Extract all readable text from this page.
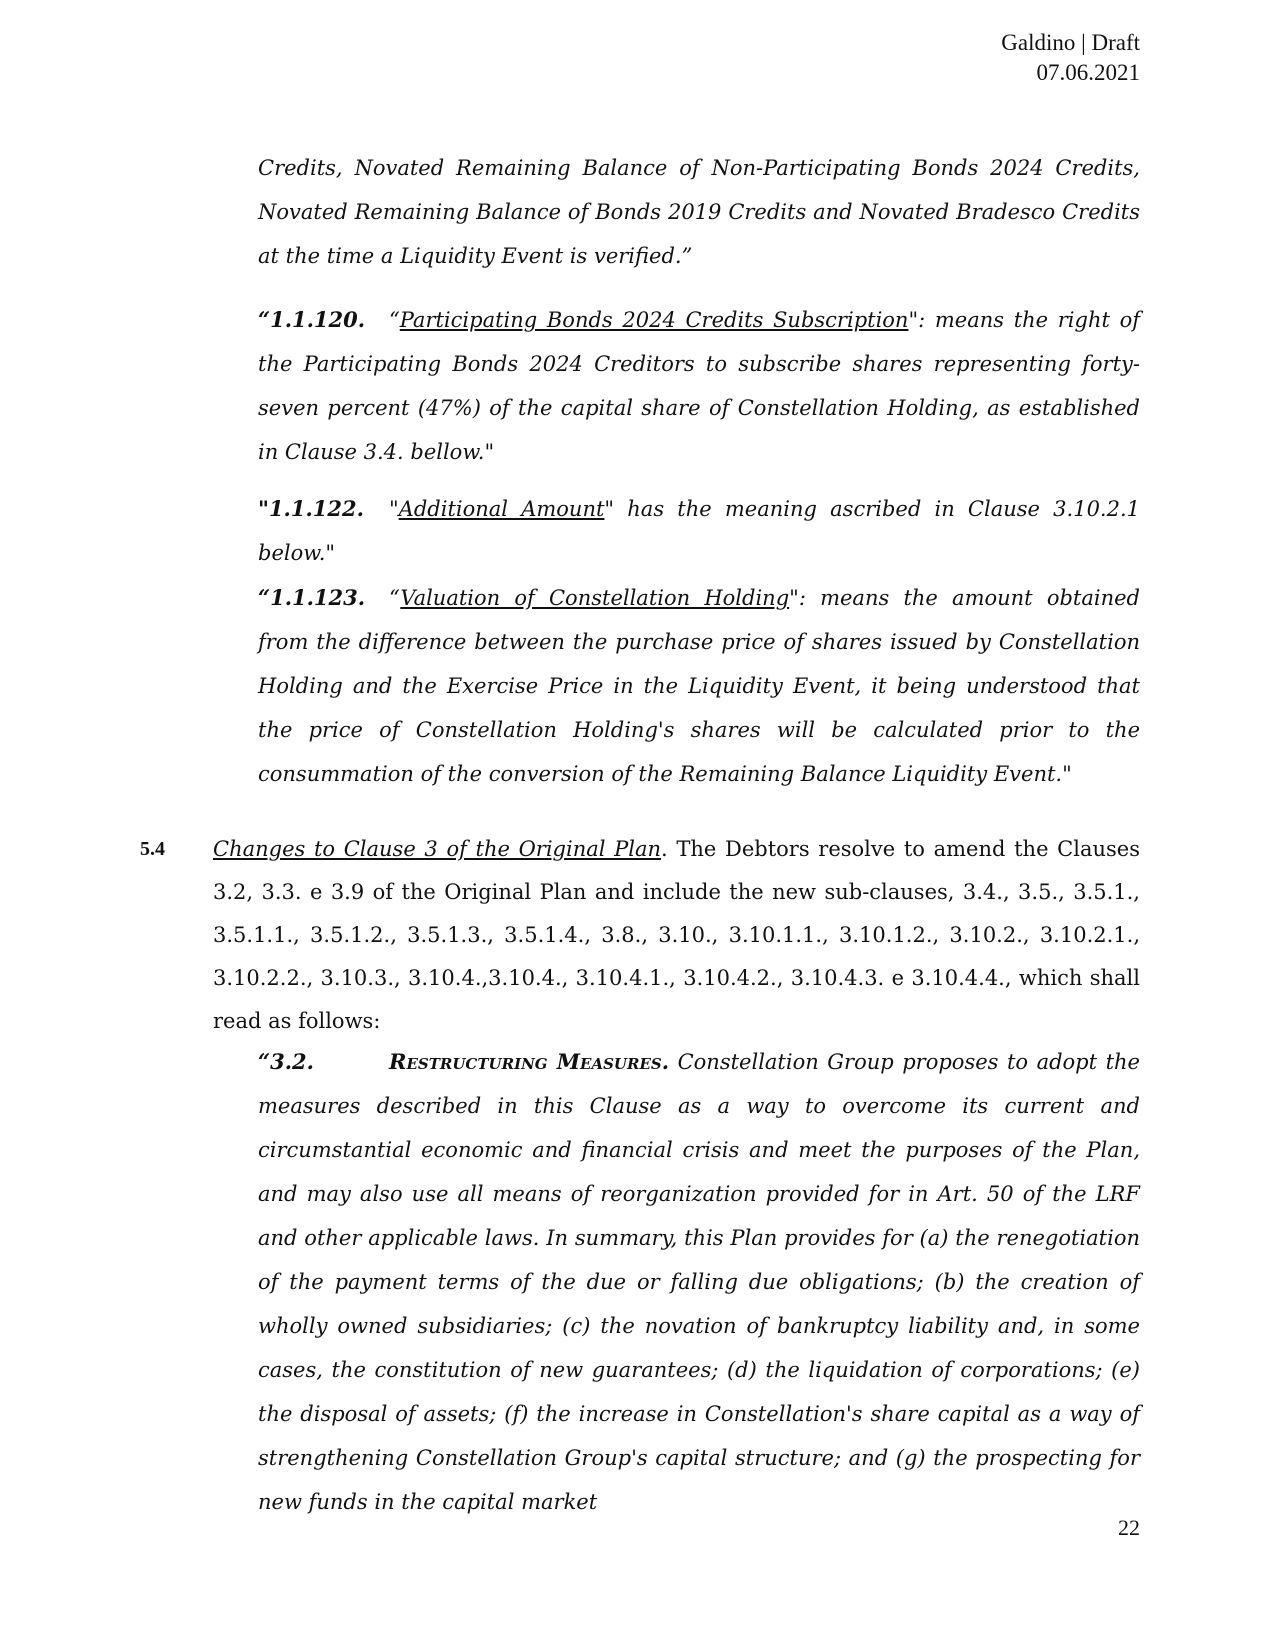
Galdino | Draft
07.06.2021
Credits, Novated Remaining Balance of Non-Participating Bonds 2024 Credits, Novated Remaining Balance of Bonds 2019 Credits and Novated Bradesco Credits at the time a Liquidity Event is verified.”
“1.1.120. “Participating Bonds 2024 Credits Subscription": means the right of the Participating Bonds 2024 Creditors to subscribe shares representing forty-seven percent (47%) of the capital share of Constellation Holding, as established in Clause 3.4. bellow."
"1.1.122. "Additional Amount" has the meaning ascribed in Clause 3.10.2.1 below."
“1.1.123. “Valuation of Constellation Holding": means the amount obtained from the difference between the purchase price of shares issued by Constellation Holding and the Exercise Price in the Liquidity Event, it being understood that the price of Constellation Holding's shares will be calculated prior to the consummation of the conversion of the Remaining Balance Liquidity Event."
5.4 Changes to Clause 3 of the Original Plan. The Debtors resolve to amend the Clauses 3.2, 3.3. e 3.9 of the Original Plan and include the new sub-clauses, 3.4., 3.5., 3.5.1., 3.5.1.1., 3.5.1.2., 3.5.1.3., 3.5.1.4., 3.8., 3.10., 3.10.1.1., 3.10.1.2., 3.10.2., 3.10.2.1., 3.10.2.2., 3.10.3., 3.10.4.,3.10.4., 3.10.4.1., 3.10.4.2., 3.10.4.3. e 3.10.4.4., which shall read as follows:
“3.2.	Restructuring Measures. Constellation Group proposes to adopt the measures described in this Clause as a way to overcome its current and circumstantial economic and financial crisis and meet the purposes of the Plan, and may also use all means of reorganization provided for in Art. 50 of the LRF and other applicable laws. In summary, this Plan provides for (a) the renegotiation of the payment terms of the due or falling due obligations; (b) the creation of wholly owned subsidiaries; (c) the novation of bankruptcy liability and, in some cases, the constitution of new guarantees; (d) the liquidation of corporations; (e) the disposal of assets; (f) the increase in Constellation's share capital as a way of strengthening Constellation Group's capital structure; and (g) the prospecting for new funds in the capital market
22
